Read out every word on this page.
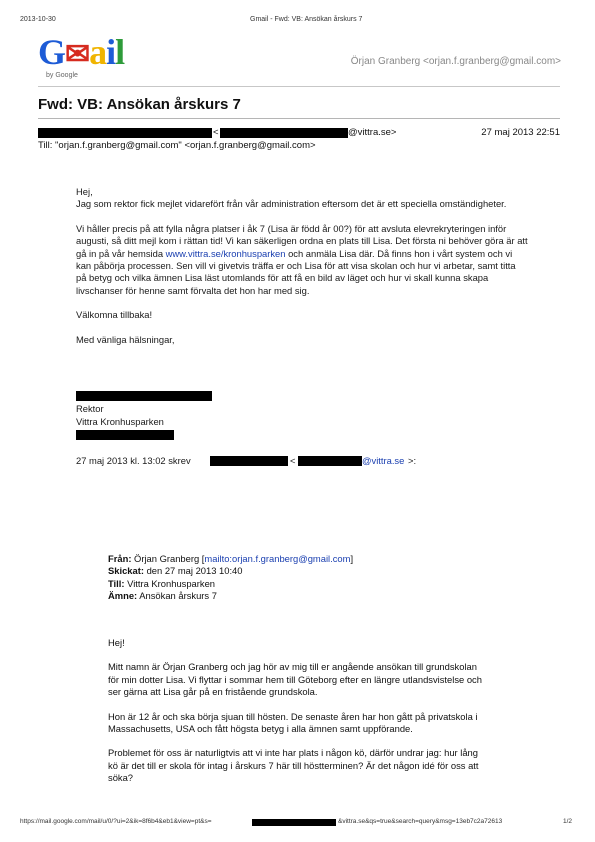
2013-10-30	Gmail - Fwd: VB: Ansökan årskurs 7
G✉ail
by Google
Örjan Granberg <orjan.f.granberg@gmail.com>
Fwd: VB: Ansökan årskurs 7
<	@vittra.se>	27 maj 2013 22:51
Till: "orjan.f.granberg@gmail.com" <orjan.f.granberg@gmail.com>

Hej,

Jag som rektor fick mejlet vidarefört från vår administration eftersom det är ett speciella omständigheter.

Vi håller precis på att fylla några platser i åk 7 (Lisa är född år 00?) för att avsluta elevrekryteringen inför augusti, så ditt mejl kom i rättan tid! Vi kan säkerligen ordna en plats till Lisa. Det första ni behöver göra är att gå in på vår hemsida www.vittra.se/kronhusparken och anmäla Lisa där. Då finns hon i vårt system och vi kan påbörja processen. Sen vill vi givetvis träffa er och Lisa för att visa skolan och hur vi arbetar, samt titta på betyg och vilka ämnen Lisa läst utomlands för att få en bild av läget och hur vi skall kunna skapa livschanser för henne samt förvalta det hon har med sig.

Välkomna tillbaka!

Med vänliga hälsningar,

Rektor
Vittra Kronhusparken
27 maj 2013 kl. 13:02 skrev	<	@vittra.se >:
Från: Örjan Granberg [mailto:orjan.f.granberg@gmail.com]
Skickat: den 27 maj 2013 10:40
Till: Vittra Kronhusparken
Ämne: Ansökan årskurs 7

Hej!

Mitt namn är Örjan Granberg och jag hör av mig till er angående ansökan till grundskolan för min dotter Lisa. Vi flyttar i sommar hem till Göteborg efter en längre utlandsvistelse och ser gärna att Lisa går på en fristående grundskola.

Hon är 12 år och ska börja sjuan till hösten. De senaste åren har hon gått på privatskola i Massachusetts, USA och fått högsta betyg i alla ämnen samt uppförande.

Problemet för oss är naturligtvis att vi inte har plats i någon kö, därför undrar jag: hur lång kö är det till er skola för intag i årskurs 7 här till höstterminen? Är det någon idé för oss att söka?

https://mail.google.com/mail/u/0/?ui=2&ik=8f6b4&eb1&view=pt&s=	&vittra.se&qs=true&search=query&msg=13eb7c2a72613	1/2
